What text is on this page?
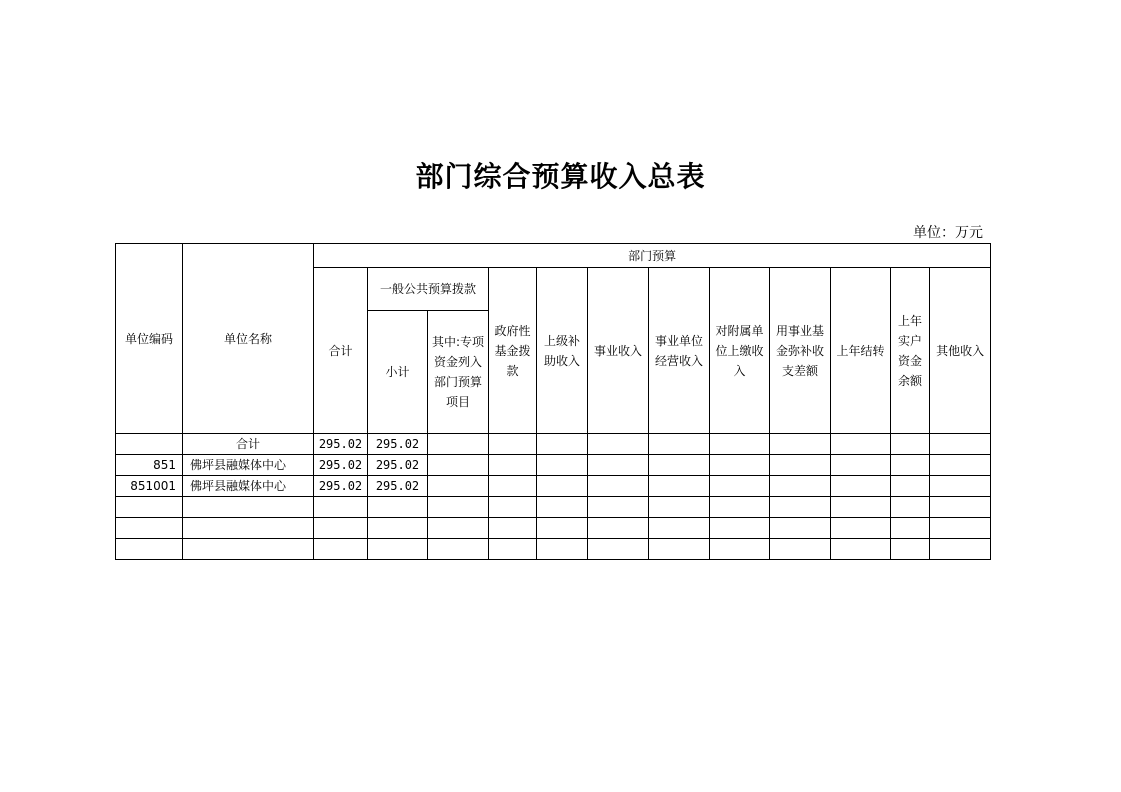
部门综合预算收入总表
单位：万元
单位编码	单位名称	部门预算											
		合计	一般公共预算拨款		政府性基金拨款	上级补助收入	事业收入	事业单位经营收入	对附属单位上缴收入	用事业基金弥补收支差额	上年结转	上年实户资金余额	其他收入
			小计	其中:专项资金列入部门预算项目									
	合计	295.02	295.02										
851	佛坪县融媒体中心	295.02	295.02										
851001	佛坪县融媒体中心	295.02	295.02										
